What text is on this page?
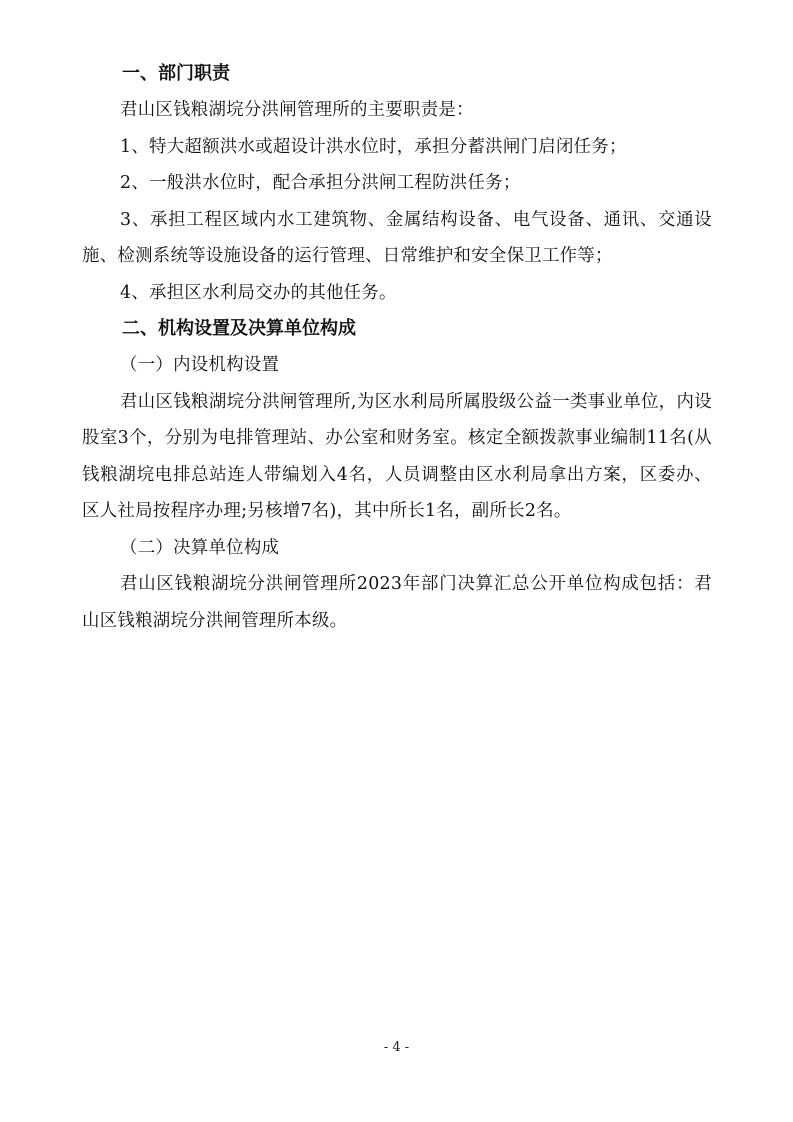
一、部门职责

君山区钱粮湖垸分洪闸管理所的主要职责是：

1、特大超额洪水或超设计洪水位时，承担分蓄洪闸门启闭任务；

2、一般洪水位时，配合承担分洪闸工程防洪任务；

3、承担工程区域内水工建筑物、金属结构设备、电气设备、通讯、交通设施、检测系统等设施设备的运行管理、日常维护和安全保卫工作等；

4、承担区水利局交办的其他任务。

二、机构设置及决算单位构成

（一）内设机构设置

君山区钱粮湖垸分洪闸管理所,为区水利局所属股级公益一类事业单位，内设股室3个，分别为电排管理站、办公室和财务室。核定全额拨款事业编制11名(从钱粮湖垸电排总站连人带编划入4名，人员调整由区水利局拿出方案，区委办、区人社局按程序办理;另核增7名)，其中所长1名，副所长2名。

（二）决算单位构成

君山区钱粮湖垸分洪闸管理所2023年部门决算汇总公开单位构成包括：君山区钱粮湖垸分洪闸管理所本级。

- 4 -
